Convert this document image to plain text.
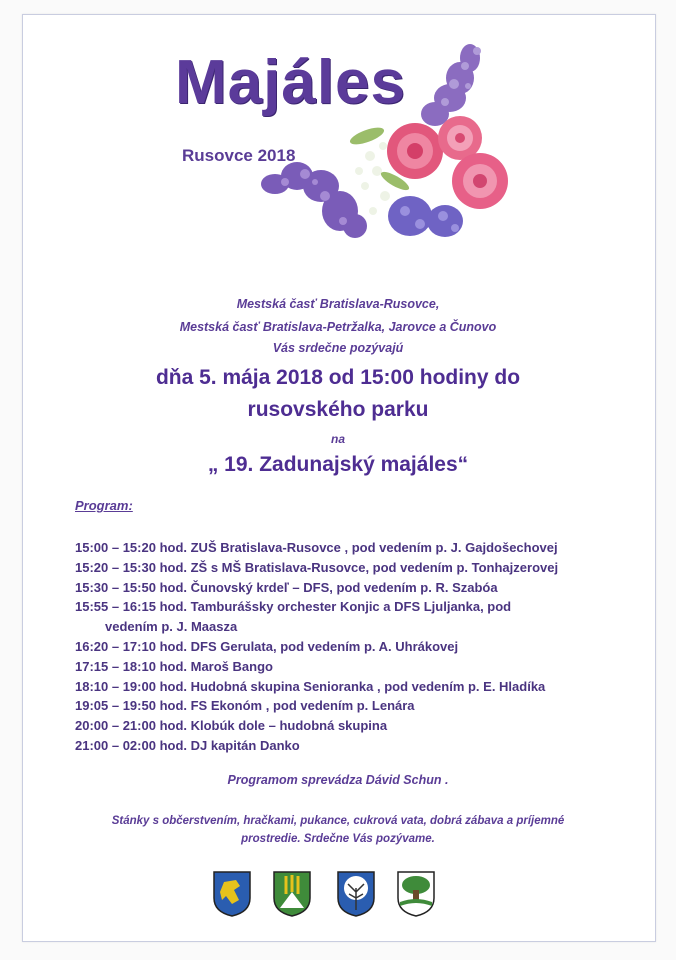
Majáles
Rusovce 2018

Mestská časť Bratislava-Rusovce,

Mestská časť Bratislava-Petržalka, Jarovce a Čunovo

Vás srdečne pozývajú

dňa 5. mája 2018 od 15:00 hodiny do

rusovského parku

na

„ 19. Zadunajský majáles“

Program:
15:00 – 15:20 hod. ZUŠ Bratislava-Rusovce , pod vedením p. J. Gajdošechovej
15:20 – 15:30 hod. ZŠ s MŠ Bratislava-Rusovce, pod vedením p. Tonhajzerovej
15:30 – 15:50 hod. Čunovský krdeľ – DFS, pod vedením p. R. Szabóa
15:55 – 16:15 hod. Tamburášsky orchester Konjic a DFS Ljuljanka, pod
vedením p. J. Maasza
16:20 – 17:10 hod. DFS Gerulata, pod vedením p. A. Uhrákovej
17:15 – 18:10 hod. Maroš Bango
18:10 – 19:00 hod. Hudobná skupina Senioranka , pod vedením p. E. Hladíka
19:05 – 19:50 hod. FS Ekonóm , pod vedením p. Lenára
20:00 – 21:00 hod. Klobúk dole – hudobná skupina
21:00 – 02:00 hod. DJ kapitán Danko

Programom sprevádza Dávid Schun .

Stánky s občerstvením, hračkami, pukance, cukrová vata, dobrá zábava a príjemné

prostredie. Srdečne Vás pozývame.
